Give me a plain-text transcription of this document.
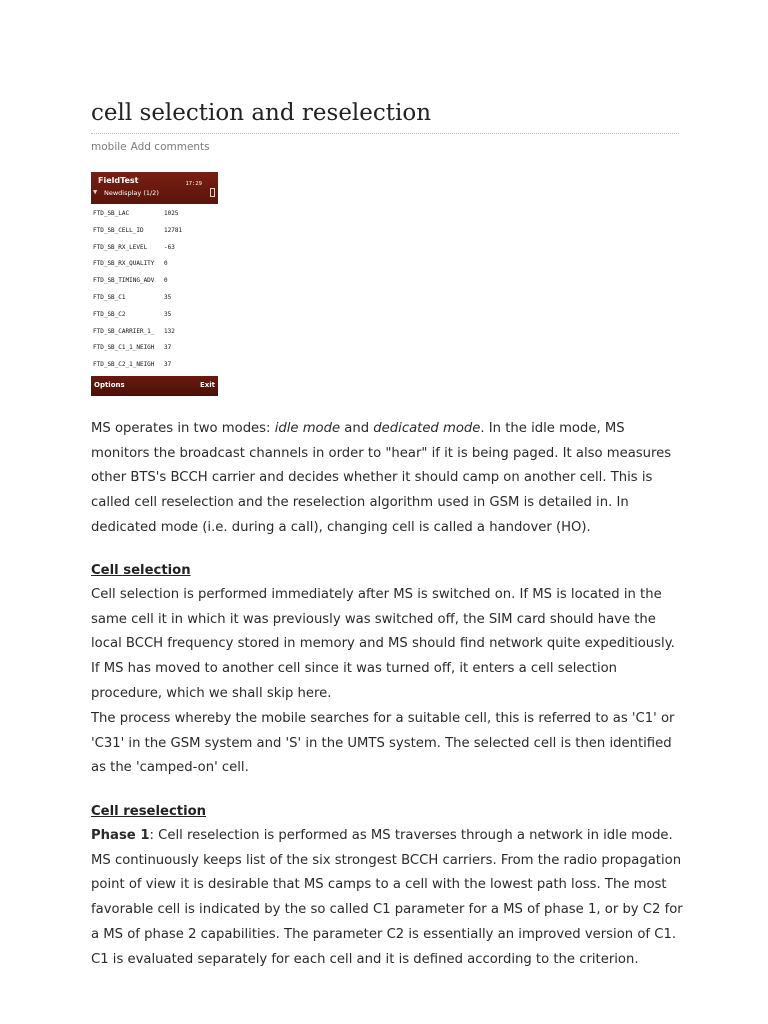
cell selection and reselection
mobile Add comments
FieldTest	17:29
▼ Newdisplay (1/2)
FTD_SB_LAC	1025
FTD_SB_CELL_ID	12781
FTD_SB_RX_LEVEL	-63
FTD_SB_RX_QUALITY 0
FTD_SB_TIMING_ADV 0
FTD_SB_C1	35
FTD_SB_C2	35
FTD_SB_CARRIER_1_ 132
FTD_SB_C1_1_NEIGH 37
FTD_SB_C2_1_NEIGH 37
Options	Exit

MS operates in two modes: idle mode and dedicated mode. In the idle mode, MS monitors the broadcast channels in order to "hear" if it is being paged. It also measures other BTS's BCCH carrier and decides whether it should camp on another cell. This is called cell reselection and the reselection algorithm used in GSM is detailed in. In dedicated mode (i.e. during a call), changing cell is called a handover (HO).

Cell selection

Cell selection is performed immediately after MS is switched on. If MS is located in the same cell it in which it was previously was switched off, the SIM card should have the local BCCH frequency stored in memory and MS should find network quite expeditiously. If MS has moved to another cell since it was turned off, it enters a cell selection procedure, which we shall skip here.

The process whereby the mobile searches for a suitable cell, this is referred to as 'C1' or 'C31' in the GSM system and 'S' in the UMTS system. The selected cell is then identified as the 'camped-on' cell.

Cell reselection

Phase 1: Cell reselection is performed as MS traverses through a network in idle mode. MS continuously keeps list of the six strongest BCCH carriers. From the radio propagation point of view it is desirable that MS camps to a cell with the lowest path loss. The most favorable cell is indicated by the so called C1 parameter for a MS of phase 1, or by C2 for a MS of phase 2 capabilities. The parameter C2 is essentially an improved version of C1. C1 is evaluated separately for each cell and it is defined according to the criterion.
